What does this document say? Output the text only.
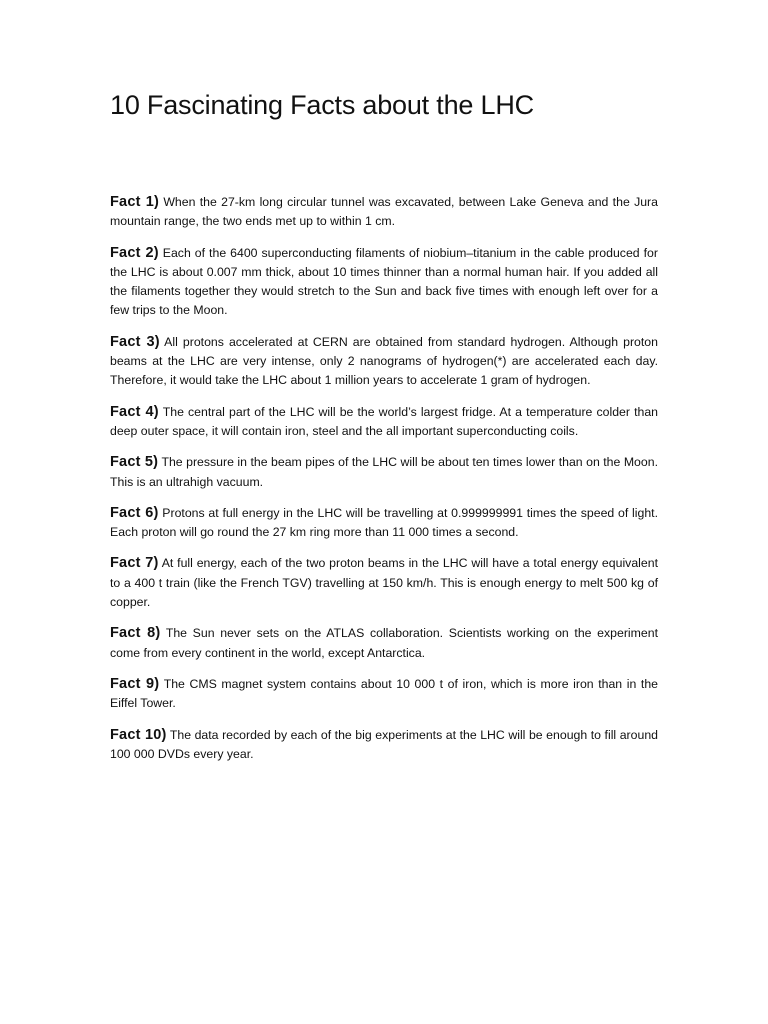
10 Fascinating Facts about the LHC
Fact 1) When the 27-km long circular tunnel was excavated, between Lake Geneva and the Jura mountain range, the two ends met up to within 1 cm.
Fact 2) Each of the 6400 superconducting filaments of niobium–titanium in the cable produced for the LHC is about 0.007 mm thick, about 10 times thinner than a normal human hair. If you added all the filaments together they would stretch to the Sun and back five times with enough left over for a few trips to the Moon.
Fact 3) All protons accelerated at CERN are obtained from standard hydrogen. Although proton beams at the LHC are very intense, only 2 nanograms of hydrogen(*) are accelerated each day. Therefore, it would take the LHC about 1 million years to accelerate 1 gram of hydrogen.
Fact 4) The central part of the LHC will be the world’s largest fridge. At a temperature colder than deep outer space, it will contain iron, steel and the all important superconducting coils.
Fact 5) The pressure in the beam pipes of the LHC will be about ten times lower than on the Moon. This is an ultrahigh vacuum.
Fact 6) Protons at full energy in the LHC will be travelling at 0.999999991 times the speed of light. Each proton will go round the 27 km ring more than 11 000 times a second.
Fact 7) At full energy, each of the two proton beams in the LHC will have a total energy equivalent to a 400 t train (like the French TGV) travelling at 150 km/h. This is enough energy to melt 500 kg of copper.
Fact 8) The Sun never sets on the ATLAS collaboration. Scientists working on the experiment come from every continent in the world, except Antarctica.
Fact 9) The CMS magnet system contains about 10 000 t of iron, which is more iron than in the Eiffel Tower.
Fact 10) The data recorded by each of the big experiments at the LHC will be enough to fill around 100 000 DVDs every year.
